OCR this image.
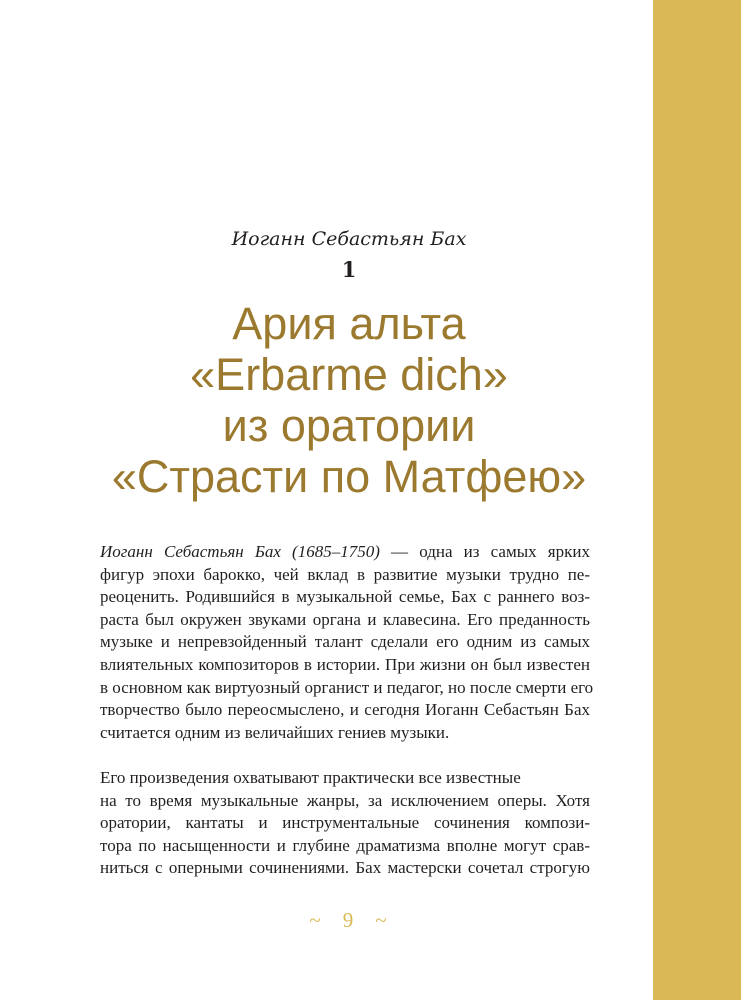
Иоганн Себастьян Бах
1
Ария альта
«Erbarme dich»
из оратории
«Страсти по Матфею»

Иоганн Себастьян Бах (1685–1750) — одна из самых ярких
фигур эпохи барокко, чей вклад в развитие музыки трудно пе-
реоценить. Родившийся в музыкальной семье, Бах с раннего воз-
раста был окружен звуками органа и клавесина. Его преданность
музыке и непревзойденный талант сделали его одним из самых
влиятельных композиторов в истории. При жизни он был известен
в основном как виртуозный органист и педагог, но после смерти его
творчество было переосмыслено, и сегодня Иоганн Себастьян Бах
считается одним из величайших гениев музыки.

Его произведения охватывают практически все известные
на то время музыкальные жанры, за исключением оперы. Хотя
оратории, кантаты и инструментальные сочинения компози-
тора по насыщенности и глубине драматизма вполне могут срав-
ниться с оперными сочинениями. Бах мастерски сочетал строгую

~ 9 ~
